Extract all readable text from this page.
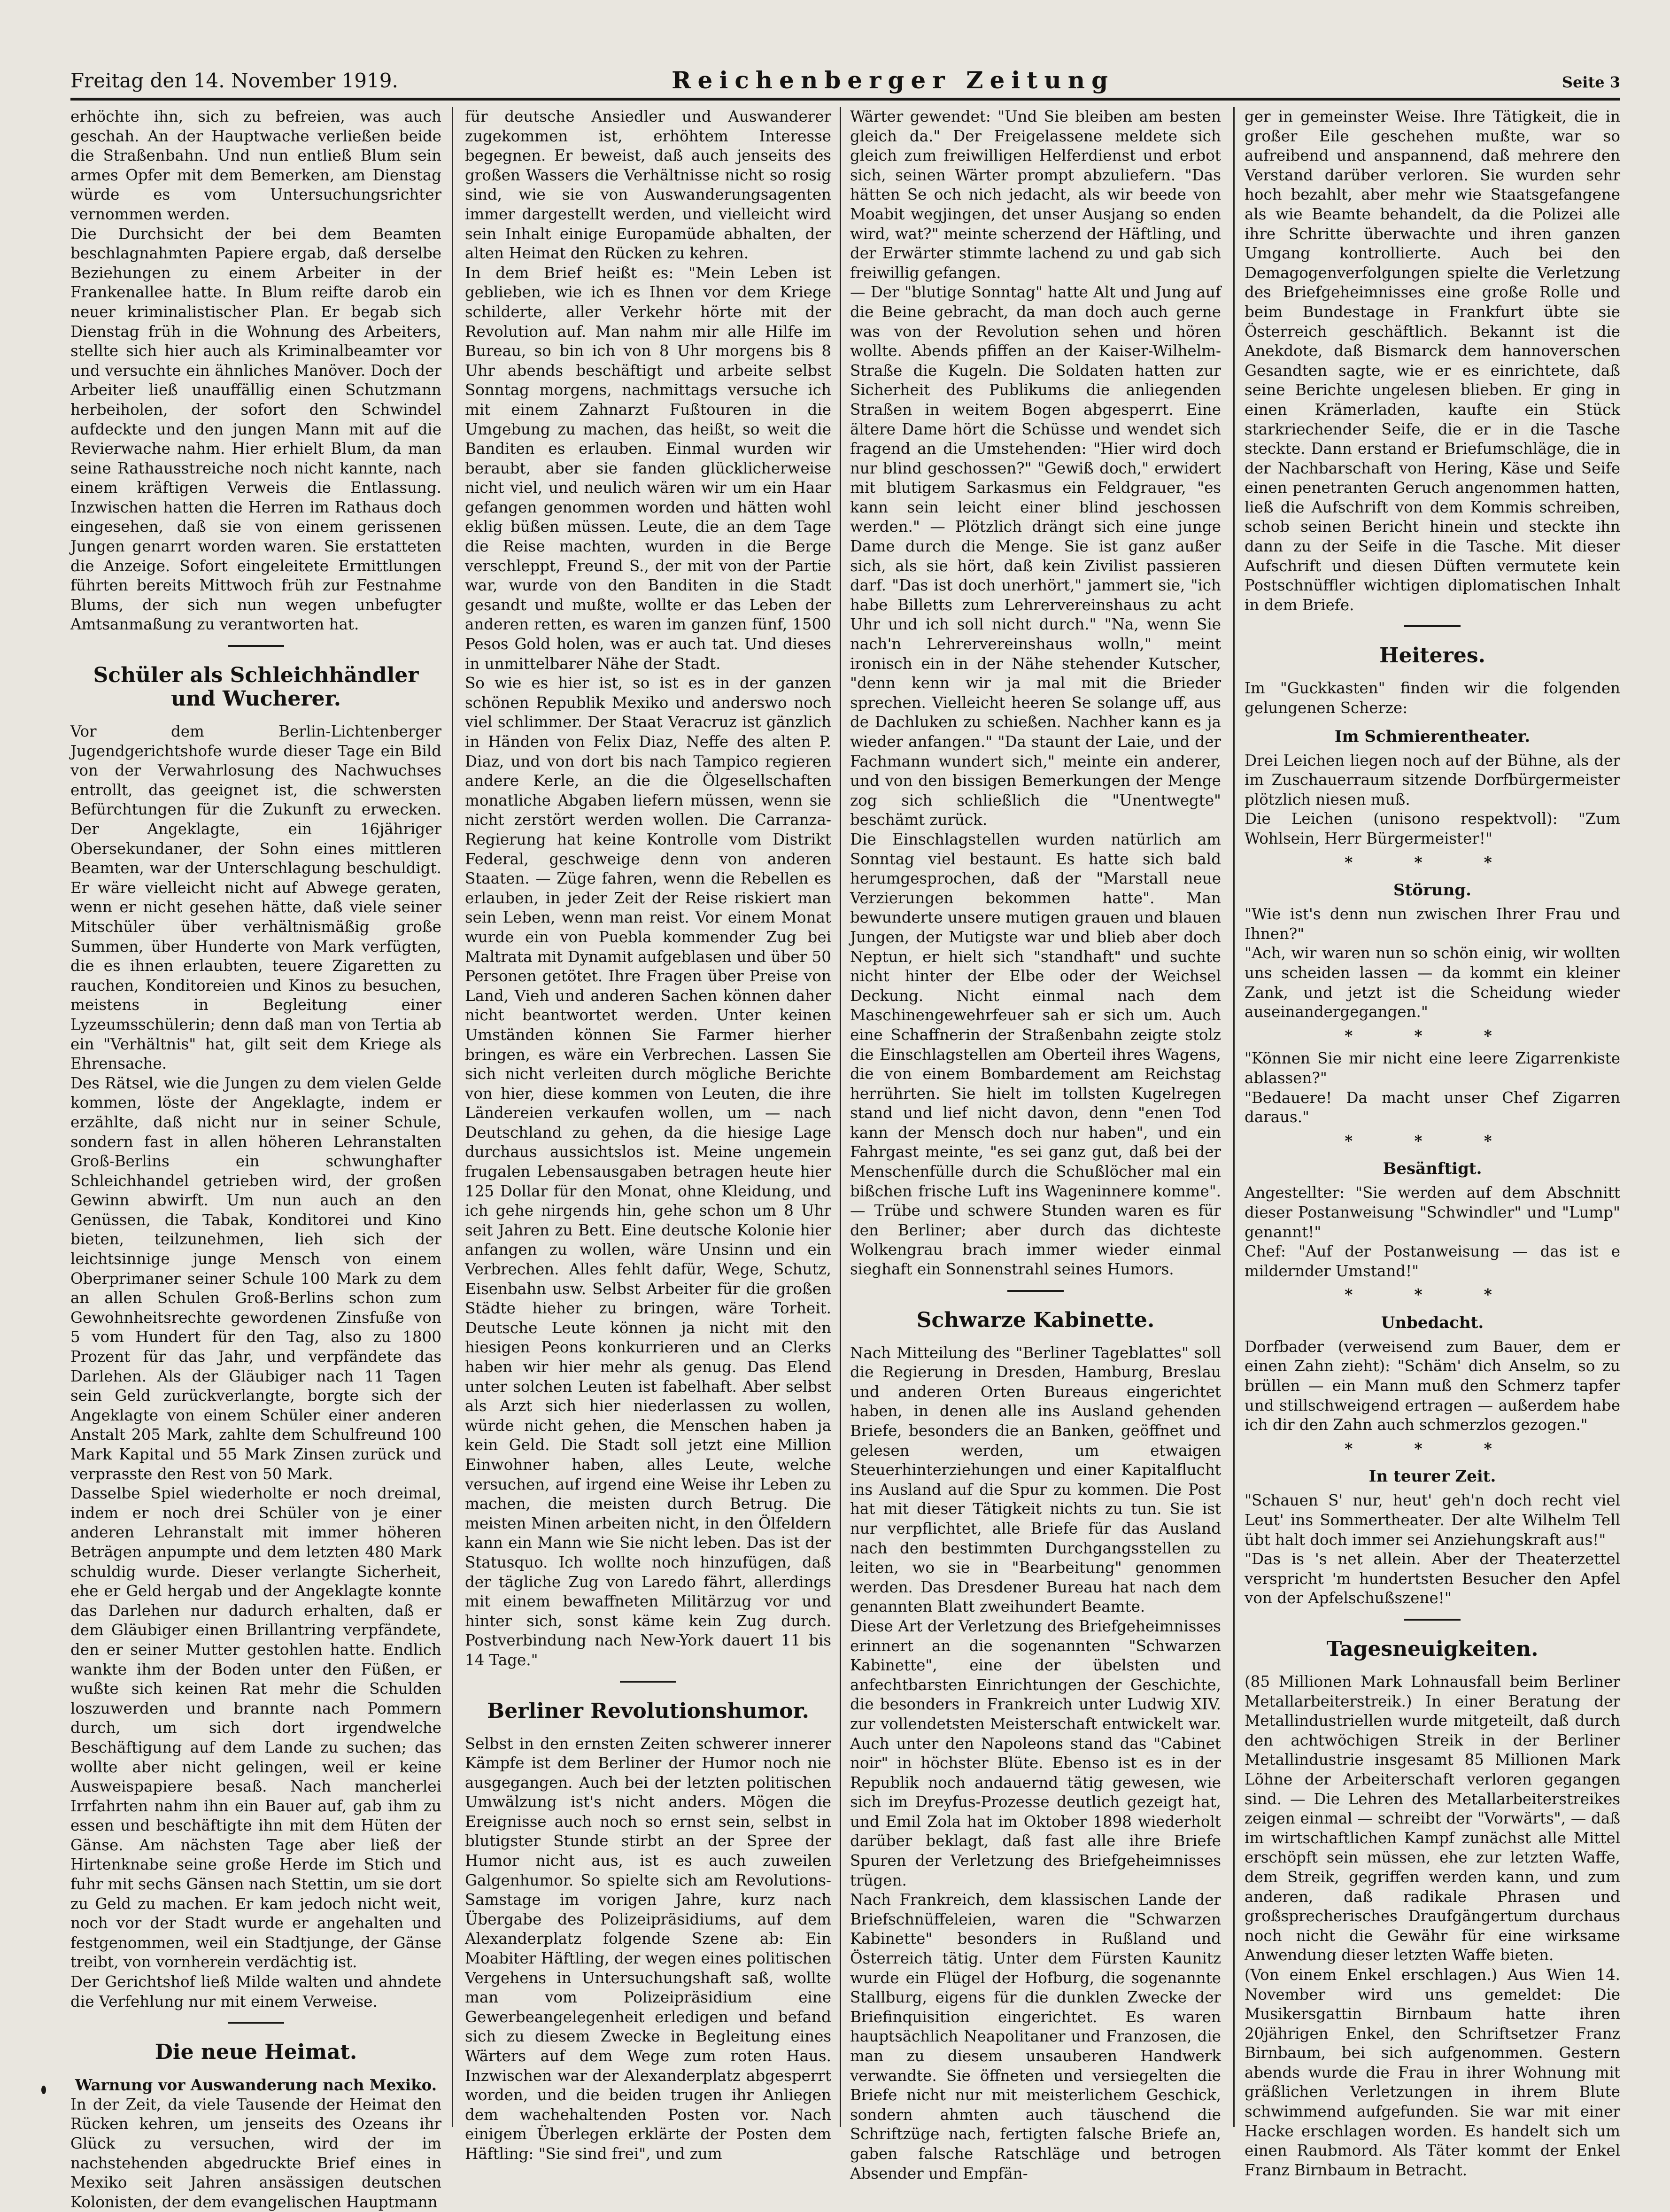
Freitag den 14. November 1919.	Reichenberger Zeitung	Seite 3

erhöchte ihn, sich zu befreien, was auch geschah. An der Hauptwache verließen beide die Straßenbahn. Und nun entließ Blum sein armes Opfer mit dem Bemerken, am Dienstag würde es vom Untersuchungsrichter vernommen werden.

Die Durchsicht der bei dem Beamten beschlagnahmten Papiere ergab, daß derselbe Beziehungen zu einem Arbeiter in der Frankenallee hatte. In Blum reifte darob ein neuer kriminalistischer Plan. Er begab sich Dienstag früh in die Wohnung des Arbeiters, stellte sich hier auch als Kriminalbeamter vor und versuchte ein ähnliches Manöver. Doch der Arbeiter ließ unauffällig einen Schutzmann herbeiholen, der sofort den Schwindel aufdeckte und den jungen Mann mit auf die Revierwache nahm. Hier erhielt Blum, da man seine Rathausstreiche noch nicht kannte, nach einem kräftigen Verweis die Entlassung. Inzwischen hatten die Herren im Rathaus doch eingesehen, daß sie von einem gerissenen Jungen genarrt worden waren. Sie erstatteten die Anzeige. Sofort eingeleitete Ermittlungen führten bereits Mittwoch früh zur Festnahme Blums, der sich nun wegen unbefugter Amtsanmaßung zu verantworten hat.

Schüler als Schleichhändler und Wucherer.

Vor dem Berlin-Lichtenberger Jugendgerichtshofe wurde dieser Tage ein Bild von der Verwahrlosung des Nachwuchses entrollt, das geeignet ist, die schwersten Befürchtungen für die Zukunft zu erwecken. Der Angeklagte, ein 16jähriger Obersekundaner, der Sohn eines mittleren Beamten, war der Unterschlagung beschuldigt. Er wäre vielleicht nicht auf Abwege geraten, wenn er nicht gesehen hätte, daß viele seiner Mitschüler über verhältnismäßig große Summen, über Hunderte von Mark verfügten, die es ihnen erlaubten, teuere Zigaretten zu rauchen, Konditoreien und Kinos zu besuchen, meistens in Begleitung einer Lyzeumsschülerin; denn daß man von Tertia ab ein "Verhältnis" hat, gilt seit dem Kriege als Ehrensache.

Des Rätsel, wie die Jungen zu dem vielen Gelde kommen, löste der Angeklagte, indem er erzählte, daß nicht nur in seiner Schule, sondern fast in allen höheren Lehranstalten Groß-Berlins ein schwunghafter Schleichhandel getrieben wird, der großen Gewinn abwirft. Um nun auch an den Genüssen, die Tabak, Konditorei und Kino bieten, teilzunehmen, lieh sich der leichtsinnige junge Mensch von einem Oberprimaner seiner Schule 100 Mark zu dem an allen Schulen Groß-Berlins schon zum Gewohnheitsrechte gewordenen Zinsfuße von 5 vom Hundert für den Tag, also zu 1800 Prozent für das Jahr, und verpfändete das Darlehen. Als der Gläubiger nach 11 Tagen sein Geld zurückverlangte, borgte sich der Angeklagte von einem Schüler einer anderen Anstalt 205 Mark, zahlte dem Schulfreund 100 Mark Kapital und 55 Mark Zinsen zurück und verprasste den Rest von 50 Mark.

Dasselbe Spiel wiederholte er noch dreimal, indem er noch drei Schüler von je einer anderen Lehranstalt mit immer höheren Beträgen anpumpte und dem letzten 480 Mark schuldig wurde. Dieser verlangte Sicherheit, ehe er Geld hergab und der Angeklagte konnte das Darlehen nur dadurch erhalten, daß er dem Gläubiger einen Brillantring verpfändete, den er seiner Mutter gestohlen hatte. Endlich wankte ihm der Boden unter den Füßen, er wußte sich keinen Rat mehr die Schulden loszuwerden und brannte nach Pommern durch, um sich dort irgendwelche Beschäftigung auf dem Lande zu suchen; das wollte aber nicht gelingen, weil er keine Ausweispapiere besaß. Nach mancherlei Irrfahrten nahm ihn ein Bauer auf, gab ihm zu essen und beschäftigte ihn mit dem Hüten der Gänse. Am nächsten Tage aber ließ der Hirtenknabe seine große Herde im Stich und fuhr mit sechs Gänsen nach Stettin, um sie dort zu Geld zu machen. Er kam jedoch nicht weit, noch vor der Stadt wurde er angehalten und festgenommen, weil ein Stadtjunge, der Gänse treibt, von vornherein verdächtig ist.

Der Gerichtshof ließ Milde walten und ahndete die Verfehlung nur mit einem Verweise.

Die neue Heimat.

Warnung vor Auswanderung nach Mexiko.

In der Zeit, da viele Tausende der Heimat den Rücken kehren, um jenseits des Ozeans ihr Glück zu versuchen, wird der im nachstehenden abgedruckte Brief eines in Mexiko seit Jahren ansässigen deutschen Kolonisten, der dem evangelischen Hauptmann

für deutsche Ansiedler und Auswanderer zugekommen ist, erhöhtem Interesse begegnen. Er beweist, daß auch jenseits des großen Wassers die Verhältnisse nicht so rosig sind, wie sie von Auswanderungsagenten immer dargestellt werden, und vielleicht wird sein Inhalt einige Europamüde abhalten, der alten Heimat den Rücken zu kehren.

In dem Brief heißt es: "Mein Leben ist geblieben, wie ich es Ihnen vor dem Kriege schilderte, aller Verkehr hörte mit der Revolution auf. Man nahm mir alle Hilfe im Bureau, so bin ich von 8 Uhr morgens bis 8 Uhr abends beschäftigt und arbeite selbst Sonntag morgens, nachmittags versuche ich mit einem Zahnarzt Fußtouren in die Umgebung zu machen, das heißt, so weit die Banditen es erlauben. Einmal wurden wir beraubt, aber sie fanden glücklicherweise nicht viel, und neulich wären wir um ein Haar gefangen genommen worden und hätten wohl eklig büßen müssen. Leute, die an dem Tage die Reise machten, wurden in die Berge verschleppt, Freund S., der mit von der Partie war, wurde von den Banditen in die Stadt gesandt und mußte, wollte er das Leben der anderen retten, es waren im ganzen fünf, 1500 Pesos Gold holen, was er auch tat. Und dieses in unmittelbarer Nähe der Stadt.

So wie es hier ist, so ist es in der ganzen schönen Republik Mexiko und anderswo noch viel schlimmer. Der Staat Veracruz ist gänzlich in Händen von Felix Diaz, Neffe des alten P. Diaz, und von dort bis nach Tampico regieren andere Kerle, an die die Ölgesellschaften monatliche Abgaben liefern müssen, wenn sie nicht zerstört werden wollen. Die Carranza-Regierung hat keine Kontrolle vom Distrikt Federal, geschweige denn von anderen Staaten. — Züge fahren, wenn die Rebellen es erlauben, in jeder Zeit der Reise riskiert man sein Leben, wenn man reist. Vor einem Monat wurde ein von Puebla kommender Zug bei Maltrata mit Dynamit aufgeblasen und über 50 Personen getötet. Ihre Fragen über Preise von Land, Vieh und anderen Sachen können daher nicht beantwortet werden. Unter keinen Umständen können Sie Farmer hierher bringen, es wäre ein Verbrechen. Lassen Sie sich nicht verleiten durch mögliche Berichte von hier, diese kommen von Leuten, die ihre Ländereien verkaufen wollen, um — nach Deutschland zu gehen, da die hiesige Lage durchaus aussichtslos ist. Meine ungemein frugalen Lebensausgaben betragen heute hier 125 Dollar für den Monat, ohne Kleidung, und ich gehe nirgends hin, gehe schon um 8 Uhr seit Jahren zu Bett. Eine deutsche Kolonie hier anfangen zu wollen, wäre Unsinn und ein Verbrechen. Alles fehlt dafür, Wege, Schutz, Eisenbahn usw. Selbst Arbeiter für die großen Städte hieher zu bringen, wäre Torheit. Deutsche Leute können ja nicht mit den hiesigen Peons konkurrieren und an Clerks haben wir hier mehr als genug. Das Elend unter solchen Leuten ist fabelhaft. Aber selbst als Arzt sich hier niederlassen zu wollen, würde nicht gehen, die Menschen haben ja kein Geld. Die Stadt soll jetzt eine Million Einwohner haben, alles Leute, welche versuchen, auf irgend eine Weise ihr Leben zu machen, die meisten durch Betrug. Die meisten Minen arbeiten nicht, in den Ölfeldern kann ein Mann wie Sie nicht leben. Das ist der Statusquo. Ich wollte noch hinzufügen, daß der tägliche Zug von Laredo fährt, allerdings mit einem bewaffneten Militärzug vor und hinter sich, sonst käme kein Zug durch. Postverbindung nach New-York dauert 11 bis 14 Tage."

Berliner Revolutionshumor.

Selbst in den ernsten Zeiten schwerer innerer Kämpfe ist dem Berliner der Humor noch nie ausgegangen. Auch bei der letzten politischen Umwälzung ist's nicht anders. Mögen die Ereignisse auch noch so ernst sein, selbst in blutigster Stunde stirbt an der Spree der Humor nicht aus, ist es auch zuweilen Galgenhumor. So spielte sich am Revolutions-Samstage im vorigen Jahre, kurz nach Übergabe des Polizeipräsidiums, auf dem Alexanderplatz folgende Szene ab: Ein Moabiter Häftling, der wegen eines politischen Vergehens in Untersuchungshaft saß, wollte man vom Polizeipräsidium eine Gewerbeangelegenheit erledigen und befand sich zu diesem Zwecke in Begleitung eines Wärters auf dem Wege zum roten Haus. Inzwischen war der Alexanderplatz abgesperrt worden, und die beiden trugen ihr Anliegen dem wachehaltenden Posten vor. Nach einigem Überlegen erklärte der Posten dem Häftling: "Sie sind frei", und zum

Wärter gewendet: "Und Sie bleiben am besten gleich da." Der Freigelassene meldete sich gleich zum freiwilligen Helferdienst und erbot sich, seinen Wärter prompt abzuliefern. "Das hätten Se och nich jedacht, als wir beede von Moabit wegjingen, det unser Ausjang so enden wird, wat?" meinte scherzend der Häftling, und der Erwärter stimmte lachend zu und gab sich freiwillig gefangen.

— Der "blutige Sonntag" hatte Alt und Jung auf die Beine gebracht, da man doch auch gerne was von der Revolution sehen und hören wollte. Abends pfiffen an der Kaiser-Wilhelm-Straße die Kugeln. Die Soldaten hatten zur Sicherheit des Publikums die anliegenden Straßen in weitem Bogen abgesperrt. Eine ältere Dame hört die Schüsse und wendet sich fragend an die Umstehenden: "Hier wird doch nur blind geschossen?" "Gewiß doch," erwidert mit blutigem Sarkasmus ein Feldgrauer, "es kann sein leicht einer blind jeschossen werden." — Plötzlich drängt sich eine junge Dame durch die Menge. Sie ist ganz außer sich, als sie hört, daß kein Zivilist passieren darf. "Das ist doch unerhört," jammert sie, "ich habe Billetts zum Lehrervereinshaus zu acht Uhr und ich soll nicht durch." "Na, wenn Sie nach'n Lehrervereinshaus wolln," meint ironisch ein in der Nähe stehender Kutscher, "denn kenn wir ja mal mit die Brieder sprechen. Vielleicht heeren Se solange uff, aus de Dachluken zu schießen. Nachher kann es ja wieder anfangen." "Da staunt der Laie, und der Fachmann wundert sich," meinte ein anderer, und von den bissigen Bemerkungen der Menge zog sich schließlich die "Unentwegte" beschämt zurück.

Die Einschlagstellen wurden natürlich am Sonntag viel bestaunt. Es hatte sich bald herumgesprochen, daß der "Marstall neue Verzierungen bekommen hatte". Man bewunderte unsere mutigen grauen und blauen Jungen, der Mutigste war und blieb aber doch Neptun, er hielt sich "standhaft" und suchte nicht hinter der Elbe oder der Weichsel Deckung. Nicht einmal nach dem Maschinengewehrfeuer sah er sich um. Auch eine Schaffnerin der Straßenbahn zeigte stolz die Einschlagstellen am Oberteil ihres Wagens, die von einem Bombardement am Reichstag herrührten. Sie hielt im tollsten Kugelregen stand und lief nicht davon, denn "enen Tod kann der Mensch doch nur haben", und ein Fahrgast meinte, "es sei ganz gut, daß bei der Menschenfülle durch die Schußlöcher mal ein bißchen frische Luft ins Wageninnere komme". — Trübe und schwere Stunden waren es für den Berliner; aber durch das dichteste Wolkengrau brach immer wieder einmal sieghaft ein Sonnenstrahl seines Humors.

Schwarze Kabinette.

Nach Mitteilung des "Berliner Tageblattes" soll die Regierung in Dresden, Hamburg, Breslau und anderen Orten Bureaus eingerichtet haben, in denen alle ins Ausland gehenden Briefe, besonders die an Banken, geöffnet und gelesen werden, um etwaigen Steuerhinterziehungen und einer Kapitalflucht ins Ausland auf die Spur zu kommen. Die Post hat mit dieser Tätigkeit nichts zu tun. Sie ist nur verpflichtet, alle Briefe für das Ausland nach den bestimmten Durchgangsstellen zu leiten, wo sie in "Bearbeitung" genommen werden. Das Dresdener Bureau hat nach dem genannten Blatt zweihundert Beamte.

Diese Art der Verletzung des Briefgeheimnisses erinnert an die sogenannten "Schwarzen Kabinette", eine der übelsten und anfechtbarsten Einrichtungen der Geschichte, die besonders in Frankreich unter Ludwig XIV. zur vollendetsten Meisterschaft entwickelt war. Auch unter den Napoleons stand das "Cabinet noir" in höchster Blüte. Ebenso ist es in der Republik noch andauernd tätig gewesen, wie sich im Dreyfus-Prozesse deutlich gezeigt hat, und Emil Zola hat im Oktober 1898 wiederholt darüber beklagt, daß fast alle ihre Briefe Spuren der Verletzung des Briefgeheimnisses trügen.

Nach Frankreich, dem klassischen Lande der Briefschnüffeleien, waren die "Schwarzen Kabinette" besonders in Rußland und Österreich tätig. Unter dem Fürsten Kaunitz wurde ein Flügel der Hofburg, die sogenannte Stallburg, eigens für die dunklen Zwecke der Briefinquisition eingerichtet. Es waren hauptsächlich Neapolitaner und Franzosen, die man zu diesem unsauberen Handwerk verwandte. Sie öffneten und versiegelten die Briefe nicht nur mit meisterlichem Geschick, sondern ahmten auch täuschend die Schriftzüge nach, fertigten falsche Briefe an, gaben falsche Ratschläge und betrogen Absender und Empfän-

ger in gemeinster Weise. Ihre Tätigkeit, die in großer Eile geschehen mußte, war so aufreibend und anspannend, daß mehrere den Verstand darüber verloren. Sie wurden sehr hoch bezahlt, aber mehr wie Staatsgefangene als wie Beamte behandelt, da die Polizei alle ihre Schritte überwachte und ihren ganzen Umgang kontrollierte. Auch bei den Demagogenverfolgungen spielte die Verletzung des Briefgeheimnisses eine große Rolle und beim Bundestage in Frankfurt übte sie Österreich geschäftlich. Bekannt ist die Anekdote, daß Bismarck dem hannoverschen Gesandten sagte, wie er es einrichtete, daß seine Berichte ungelesen blieben. Er ging in einen Krämerladen, kaufte ein Stück starkriechender Seife, die er in die Tasche steckte. Dann erstand er Briefumschläge, die in der Nachbarschaft von Hering, Käse und Seife einen penetranten Geruch angenommen hatten, ließ die Aufschrift von dem Kommis schreiben, schob seinen Bericht hinein und steckte ihn dann zu der Seife in die Tasche. Mit dieser Aufschrift und diesen Düften vermutete kein Postschnüffler wichtigen diplomatischen Inhalt in dem Briefe.

Heiteres.

Im "Guckkasten" finden wir die folgenden gelungenen Scherze:

Im Schmierentheater.

Drei Leichen liegen noch auf der Bühne, als der im Zuschauerraum sitzende Dorfbürgermeister plötzlich niesen muß.

Die Leichen (unisono respektvoll): "Zum Wohlsein, Herr Bürgermeister!"

* * *
Störung.

"Wie ist's denn nun zwischen Ihrer Frau und Ihnen?"

"Ach, wir waren nun so schön einig, wir wollten uns scheiden lassen — da kommt ein kleiner Zank, und jetzt ist die Scheidung wieder auseinandergegangen."

* * *

"Können Sie mir nicht eine leere Zigarrenkiste ablassen?"

"Bedauere! Da macht unser Chef Zigarren daraus."

* * *
Besänftigt.

Angestellter: "Sie werden auf dem Abschnitt dieser Postanweisung "Schwindler" und "Lump" genannt!"

Chef: "Auf der Postanweisung — das ist e mildernder Umstand!"

* * *
Unbedacht.

Dorfbader (verweisend zum Bauer, dem er einen Zahn zieht): "Schäm' dich Anselm, so zu brüllen — ein Mann muß den Schmerz tapfer und stillschweigend ertragen — außerdem habe ich dir den Zahn auch schmerzlos gezogen."

* * *
In teurer Zeit.

"Schauen S' nur, heut' geh'n doch recht viel Leut' ins Sommertheater. Der alte Wilhelm Tell übt halt doch immer sei Anziehungskraft aus!"

"Das is 's net allein. Aber der Theaterzettel verspricht 'm hundertsten Besucher den Apfel von der Apfelschußszene!"

Tagesneuigkeiten.

(85 Millionen Mark Lohnausfall beim Berliner Metallarbeiterstreik.) In einer Beratung der Metallindustriellen wurde mitgeteilt, daß durch den achtwöchigen Streik in der Berliner Metallindustrie insgesamt 85 Millionen Mark Löhne der Arbeiterschaft verloren gegangen sind. — Die Lehren des Metallarbeiterstreikes zeigen einmal — schreibt der "Vorwärts", — daß im wirtschaftlichen Kampf zunächst alle Mittel erschöpft sein müssen, ehe zur letzten Waffe, dem Streik, gegriffen werden kann, und zum anderen, daß radikale Phrasen und großsprecherisches Draufgängertum durchaus noch nicht die Gewähr für eine wirksame Anwendung dieser letzten Waffe bieten.

(Von einem Enkel erschlagen.) Aus Wien 14. November wird uns gemeldet: Die Musikersgattin Birnbaum hatte ihren 20jährigen Enkel, den Schriftsetzer Franz Birnbaum, bei sich aufgenommen. Gestern abends wurde die Frau in ihrer Wohnung mit gräßlichen Verletzungen in ihrem Blute schwimmend aufgefunden. Sie war mit einer Hacke erschlagen worden. Es handelt sich um einen Raubmord. Als Täter kommt der Enkel Franz Birnbaum in Betracht.
